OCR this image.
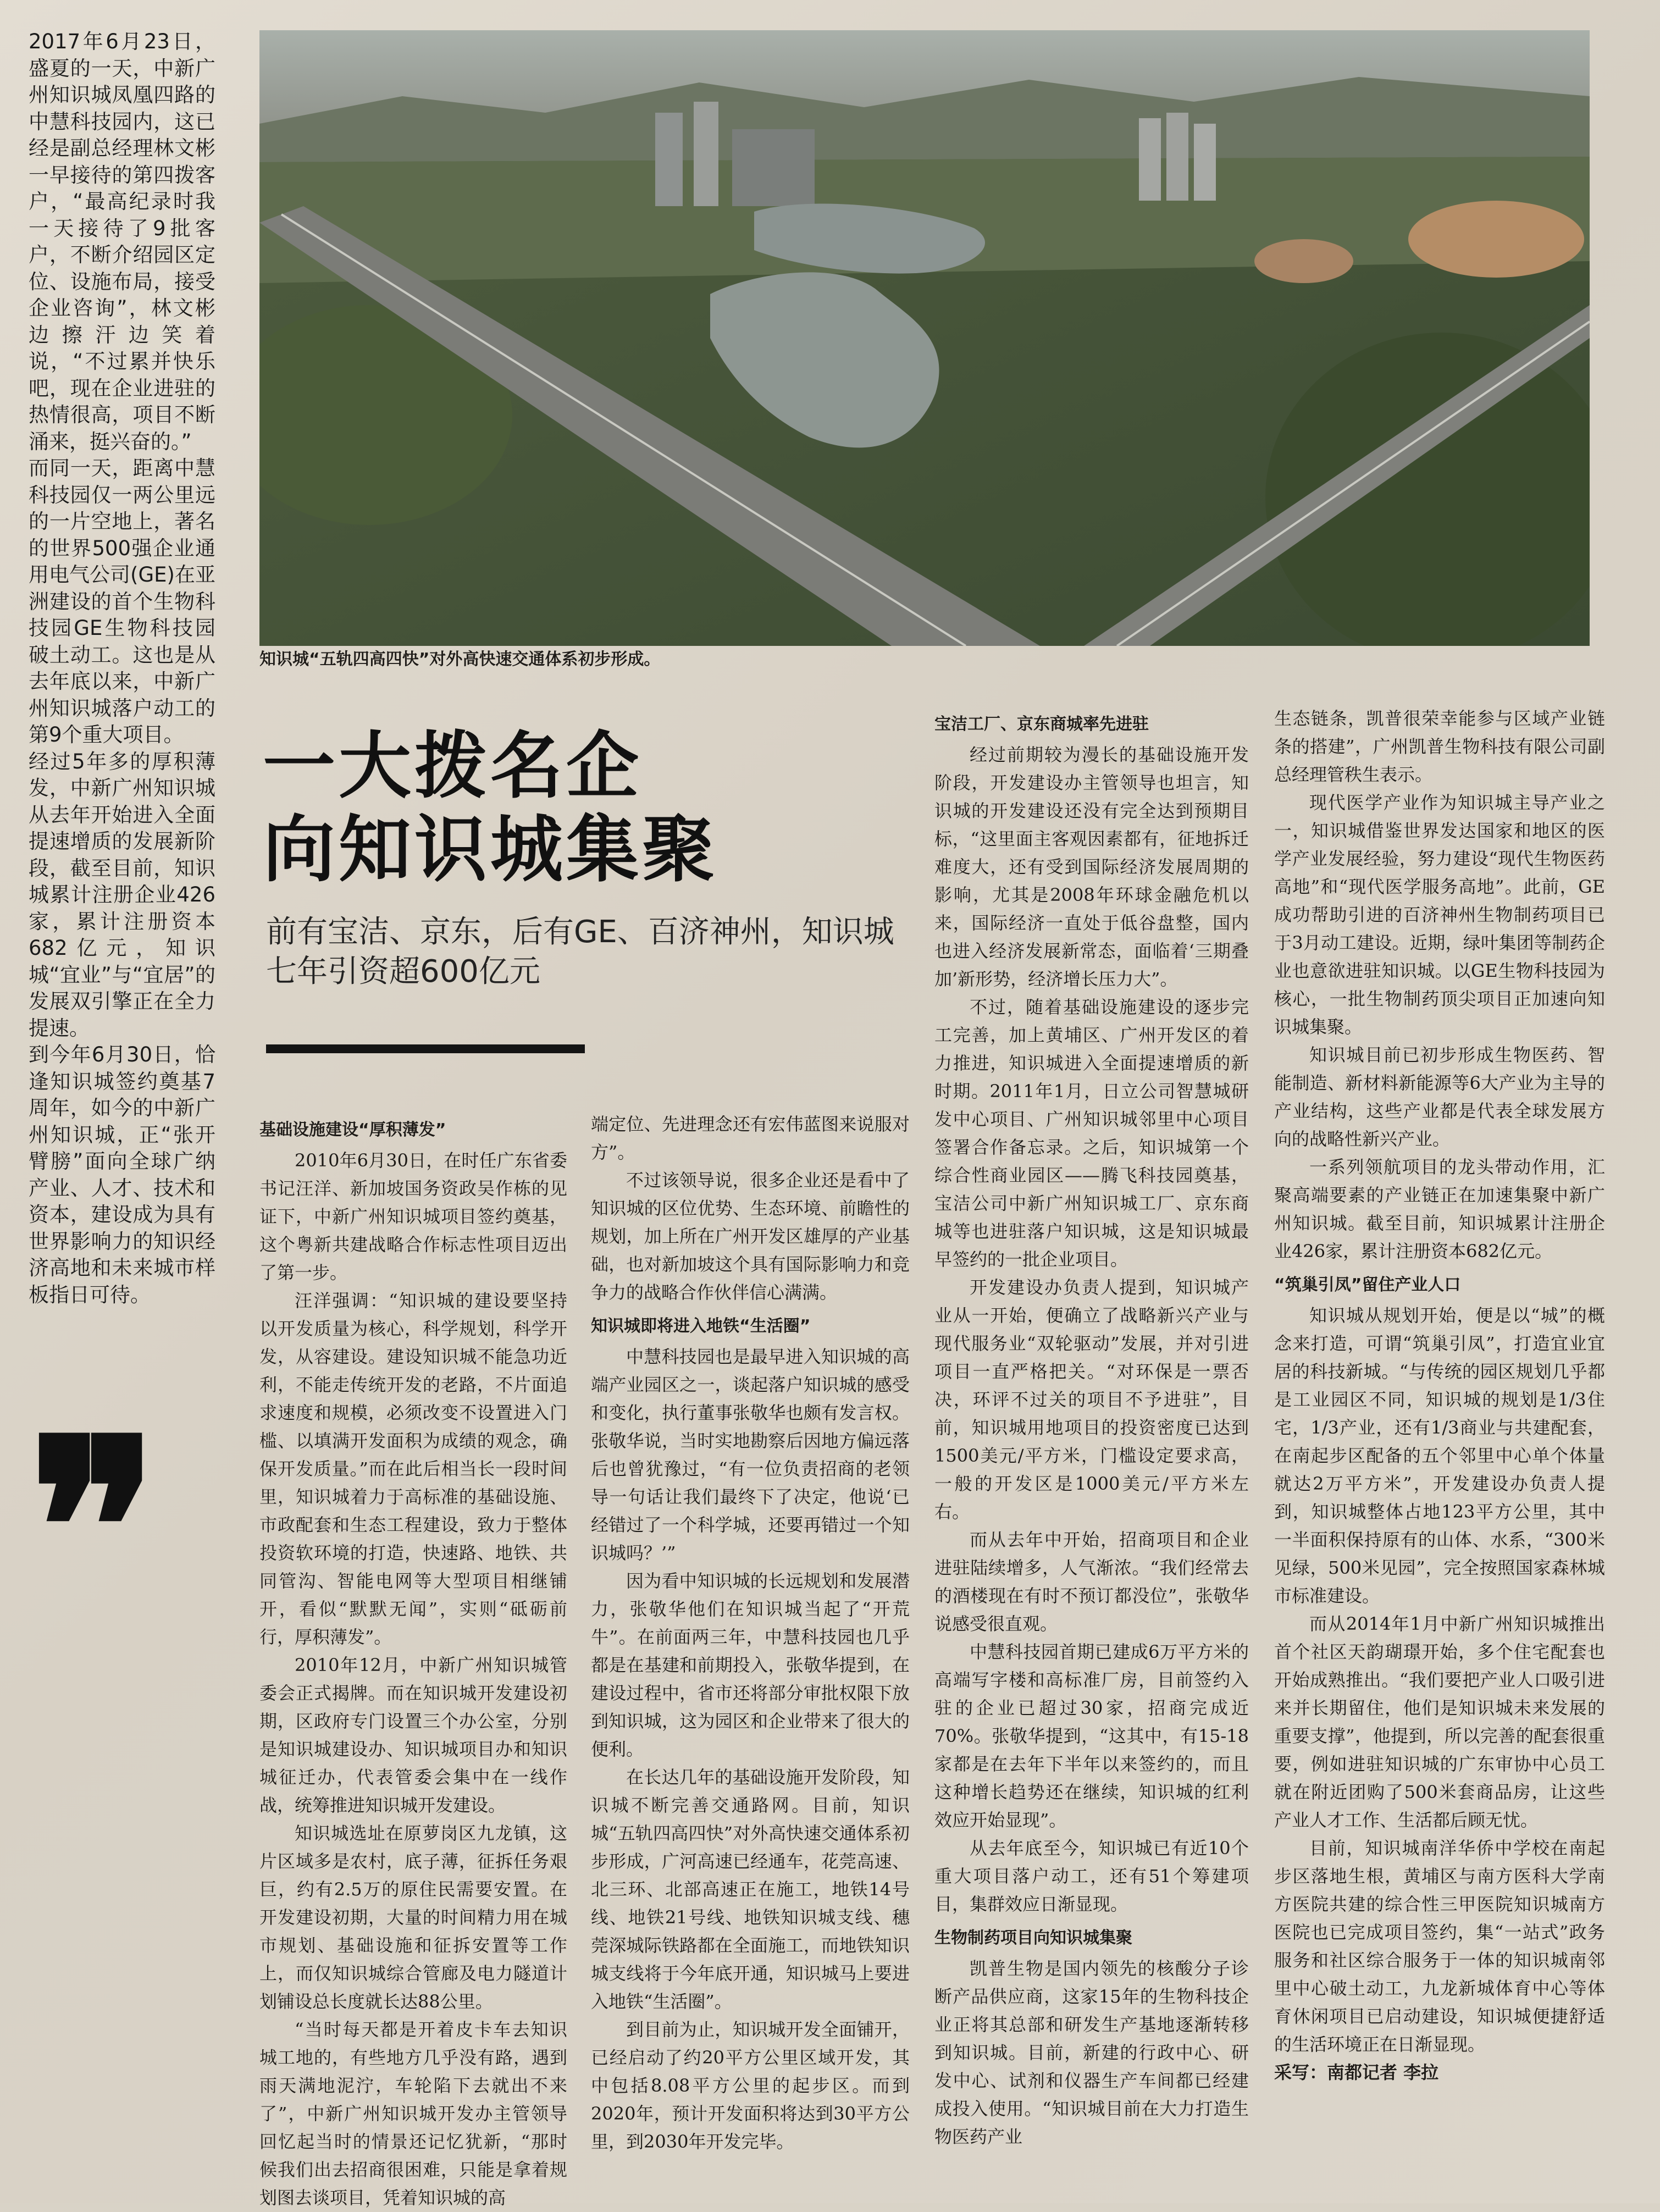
2017年6月23日，盛夏的一天，中新广州知识城凤凰四路的中慧科技园内，这已经是副总经理林文彬一早接待的第四拨客户，“最高纪录时我一天接待了9批客户，不断介绍园区定位、设施布局，接受企业咨询”，林文彬边擦汗边笑着说，“不过累并快乐吧，现在企业进驻的热情很高，项目不断涌来，挺兴奋的。”

而同一天，距离中慧科技园仅一两公里远的一片空地上，著名的世界500强企业通用电气公司(GE)在亚洲建设的首个生物科技园GE生物科技园破土动工。这也是从去年底以来，中新广州知识城落户动工的第9个重大项目。

经过5年多的厚积薄发，中新广州知识城从去年开始进入全面提速增质的发展新阶段，截至目前，知识城累计注册企业426家，累计注册资本682亿元，知识城“宜业”与“宜居”的发展双引擎正在全力提速。

到今年6月30日，恰逢知识城签约奠基7周年，如今的中新广州知识城，正“张开臂膀”面向全球广纳产业、人才、技术和资本，建设成为具有世界影响力的知识经济高地和未来城市样板指日可待。

知识城“五轨四高四快”对外高快速交通体系初步形成。
一大拨名企
向知识城集聚
前有宝洁、京东，后有GE、百济神州，知识城七年引资超600亿元
❞
基础设施建设“厚积薄发”

2010年6月30日，在时任广东省委书记汪洋、新加坡国务资政吴作栋的见证下，中新广州知识城项目签约奠基，这个粤新共建战略合作标志性项目迈出了第一步。

汪洋强调：“知识城的建设要坚持以开发质量为核心，科学规划，科学开发，从容建设。建设知识城不能急功近利，不能走传统开发的老路，不片面追求速度和规模，必须改变不设置进入门槛、以填满开发面积为成绩的观念，确保开发质量。”而在此后相当长一段时间里，知识城着力于高标准的基础设施、市政配套和生态工程建设，致力于整体投资软环境的打造，快速路、地铁、共同管沟、智能电网等大型项目相继铺开，看似“默默无闻”，实则“砥砺前行，厚积薄发”。

2010年12月，中新广州知识城管委会正式揭牌。而在知识城开发建设初期，区政府专门设置三个办公室，分别是知识城建设办、知识城项目办和知识城征迁办，代表管委会集中在一线作战，统筹推进知识城开发建设。

知识城选址在原萝岗区九龙镇，这片区域多是农村，底子薄，征拆任务艰巨，约有2.5万的原住民需要安置。在开发建设初期，大量的时间精力用在城市规划、基础设施和征拆安置等工作上，而仅知识城综合管廊及电力隧道计划铺设总长度就长达88公里。

“当时每天都是开着皮卡车去知识城工地的，有些地方几乎没有路，遇到雨天满地泥泞，车轮陷下去就出不来了”，中新广州知识城开发办主管领导回忆起当时的情景还记忆犹新，“那时候我们出去招商很困难，只能是拿着规划图去谈项目，凭着知识城的高

端定位、先进理念还有宏伟蓝图来说服对方”。

不过该领导说，很多企业还是看中了知识城的区位优势、生态环境、前瞻性的规划，加上所在广州开发区雄厚的产业基础，也对新加坡这个具有国际影响力和竞争力的战略合作伙伴信心满满。

知识城即将进入地铁“生活圈”

中慧科技园也是最早进入知识城的高端产业园区之一，谈起落户知识城的感受和变化，执行董事张敬华也颇有发言权。张敬华说，当时实地勘察后因地方偏远落后也曾犹豫过，“有一位负责招商的老领导一句话让我们最终下了决定，他说‘已经错过了一个科学城，还要再错过一个知识城吗？’”

因为看中知识城的长远规划和发展潜力，张敬华他们在知识城当起了“开荒牛”。在前面两三年，中慧科技园也几乎都是在基建和前期投入，张敬华提到，在建设过程中，省市还将部分审批权限下放到知识城，这为园区和企业带来了很大的便利。

在长达几年的基础设施开发阶段，知识城不断完善交通路网。目前，知识城“五轨四高四快”对外高快速交通体系初步形成，广河高速已经通车，花莞高速、北三环、北部高速正在施工，地铁14号线、地铁21号线、地铁知识城支线、穗莞深城际铁路都在全面施工，而地铁知识城支线将于今年底开通，知识城马上要进入地铁“生活圈”。

到目前为止，知识城开发全面铺开，已经启动了约20平方公里区域开发，其中包括8.08平方公里的起步区。而到2020年，预计开发面积将达到30平方公里，到2030年开发完毕。

宝洁工厂、京东商城率先进驻

经过前期较为漫长的基础设施开发阶段，开发建设办主管领导也坦言，知识城的开发建设还没有完全达到预期目标，“这里面主客观因素都有，征地拆迁难度大，还有受到国际经济发展周期的影响，尤其是2008年环球金融危机以来，国际经济一直处于低谷盘整，国内也进入经济发展新常态，面临着‘三期叠加’新形势，经济增长压力大”。

不过，随着基础设施建设的逐步完工完善，加上黄埔区、广州开发区的着力推进，知识城进入全面提速增质的新时期。2011年1月，日立公司智慧城研发中心项目、广州知识城邻里中心项目签署合作备忘录。之后，知识城第一个综合性商业园区——腾飞科技园奠基，宝洁公司中新广州知识城工厂、京东商城等也进驻落户知识城，这是知识城最早签约的一批企业项目。

开发建设办负责人提到，知识城产业从一开始，便确立了战略新兴产业与现代服务业“双轮驱动”发展，并对引进项目一直严格把关。“对环保是一票否决，环评不过关的项目不予进驻”，目前，知识城用地项目的投资密度已达到1500美元/平方米，门槛设定要求高，一般的开发区是1000美元/平方米左右。

而从去年中开始，招商项目和企业进驻陆续增多，人气渐浓。“我们经常去的酒楼现在有时不预订都没位”，张敬华说感受很直观。

中慧科技园首期已建成6万平方米的高端写字楼和高标准厂房，目前签约入驻的企业已超过30家，招商完成近70%。张敬华提到，“这其中，有15-18家都是在去年下半年以来签约的，而且这种增长趋势还在继续，知识城的红利效应开始显现”。

从去年底至今，知识城已有近10个重大项目落户动工，还有51个筹建项目，集群效应日渐显现。

生物制药项目向知识城集聚

凯普生物是国内领先的核酸分子诊断产品供应商，这家15年的生物科技企业正将其总部和研发生产基地逐渐转移到知识城。目前，新建的行政中心、研发中心、试剂和仪器生产车间都已经建成投入使用。“知识城目前在大力打造生物医药产业

生态链条，凯普很荣幸能参与区域产业链条的搭建”，广州凯普生物科技有限公司副总经理管秩生表示。

现代医学产业作为知识城主导产业之一，知识城借鉴世界发达国家和地区的医学产业发展经验，努力建设“现代生物医药高地”和“现代医学服务高地”。此前，GE成功帮助引进的百济神州生物制药项目已于3月动工建设。近期，绿叶集团等制药企业也意欲进驻知识城。以GE生物科技园为核心，一批生物制药顶尖项目正加速向知识城集聚。

知识城目前已初步形成生物医药、智能制造、新材料新能源等6大产业为主导的产业结构，这些产业都是代表全球发展方向的战略性新兴产业。

一系列领航项目的龙头带动作用，汇聚高端要素的产业链正在加速集聚中新广州知识城。截至目前，知识城累计注册企业426家，累计注册资本682亿元。

“筑巢引凤”留住产业人口

知识城从规划开始，便是以“城”的概念来打造，可谓“筑巢引凤”，打造宜业宜居的科技新城。“与传统的园区规划几乎都是工业园区不同，知识城的规划是1/3住宅，1/3产业，还有1/3商业与共建配套，在南起步区配备的五个邻里中心单个体量就达2万平方米”，开发建设办负责人提到，知识城整体占地123平方公里，其中一半面积保持原有的山体、水系，“300米见绿，500米见园”，完全按照国家森林城市标准建设。

而从2014年1月中新广州知识城推出首个社区天韵瑚璟开始，多个住宅配套也开始成熟推出。“我们要把产业人口吸引进来并长期留住，他们是知识城未来发展的重要支撑”，他提到，所以完善的配套很重要，例如进驻知识城的广东审协中心员工就在附近团购了500米套商品房，让这些产业人才工作、生活都后顾无忧。

目前，知识城南洋华侨中学校在南起步区落地生根，黄埔区与南方医科大学南方医院共建的综合性三甲医院知识城南方医院也已完成项目签约，集“一站式”政务服务和社区综合服务于一体的知识城南邻里中心破土动工，九龙新城体育中心等体育休闲项目已启动建设，知识城便捷舒适的生活环境正在日渐显现。

采写：南都记者 李拉
